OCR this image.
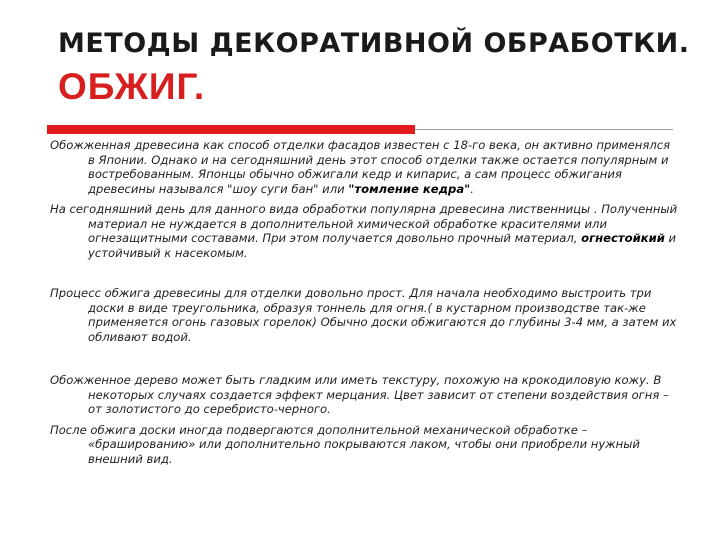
МЕТОДЫ ДЕКОРАТИВНОЙ ОБРАБОТКИ. ОБЖИГ.

Обожженная древесина как способ отделки фасадов известен с 18-го века, он активно применялся в Японии. Однако и на сегодняшний день этот способ отделки также остается популярным и востребованным. Японцы обычно обжигали кедр и кипарис, а сам процесс обжигания древесины назывался "шоу суги бан" или "томление кедра".

На сегодняшний день для данного вида обработки популярна древесина лиственницы . Полученный материал не нуждается в дополнительной химической обработке красителями или огнезащитными составами. При этом получается довольно прочный материал, огнестойкий и устойчивый к насекомым.

Процесс обжига древесины для отделки довольно прост. Для начала необходимо выстроить три доски в виде треугольника, образуя тоннель для огня.( в кустарном производстве так-же применяется огонь газовых горелок) Обычно доски обжигаются до глубины 3-4 мм, а затем их обливают водой.

Обожженное дерево может быть гладким или иметь текстуру, похожую на крокодиловую кожу. В некоторых случаях создается эффект мерцания. Цвет зависит от степени воздействия огня – от золотистого до серебристо-черного.

После обжига доски иногда подвергаются дополнительной механической обработке – «брашированию» или дополнительно покрываются лаком, чтобы они приобрели нужный внешний вид.
